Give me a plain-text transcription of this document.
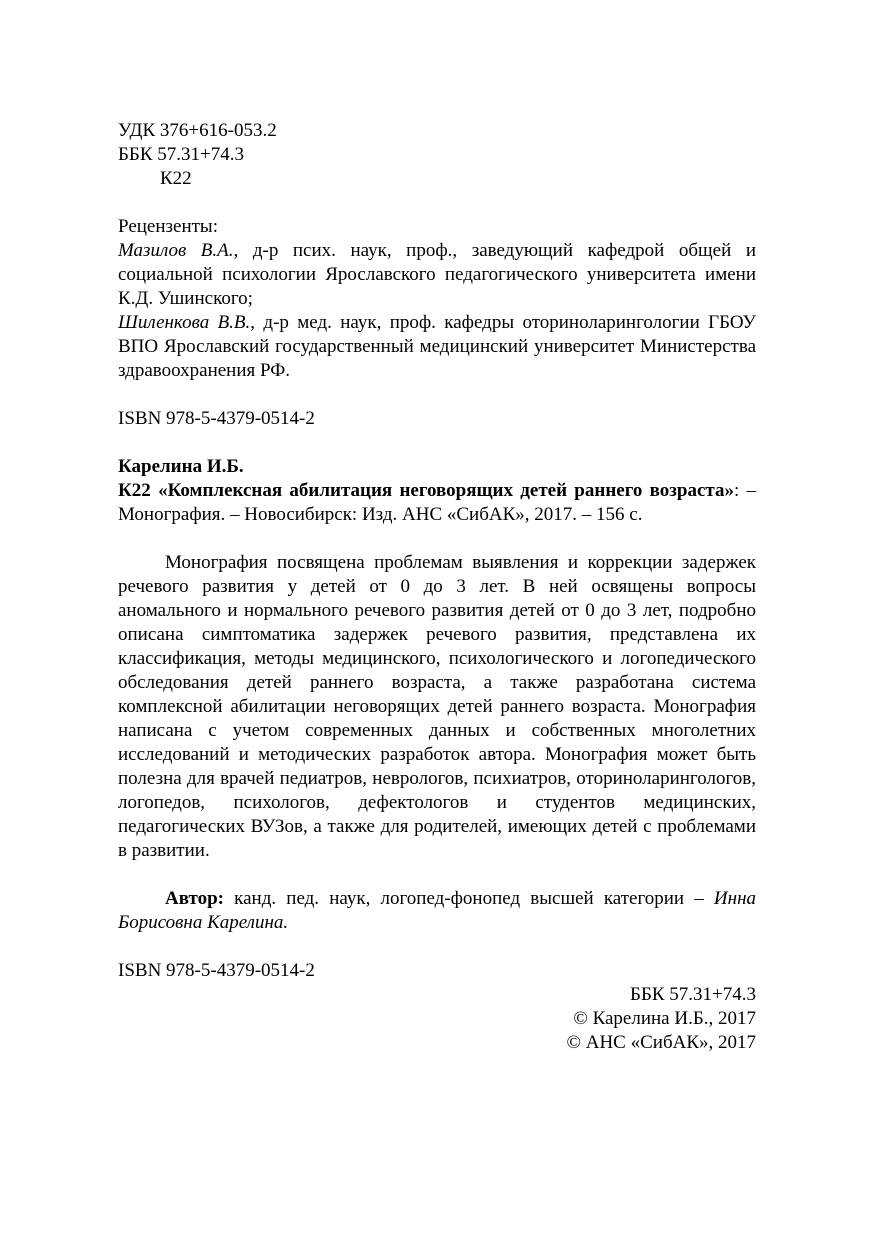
УДК 376+616-053.2
ББК 57.31+74.3
К22
Рецензенты:
Мазилов В.А., д-р псих. наук, проф., заведующий кафедрой общей и социальной психологии Ярославского педагогического университета имени К.Д. Ушинского;
Шиленкова В.В., д-р мед. наук, проф. кафедры оториноларингологии ГБОУ ВПО Ярославский государственный медицинский университет Министерства здравоохранения РФ.
ISBN 978-5-4379-0514-2
Карелина И.Б.
К22 «Комплексная абилитация неговорящих детей раннего возраста»: – Монография. – Новосибирск: Изд. АНС «СибАК», 2017. – 156 с.
Монография посвящена проблемам выявления и коррекции задержек речевого развития у детей от 0 до 3 лет. В ней освящены вопросы аномального и нормального речевого развития детей от 0 до 3 лет, подробно описана симптоматика задержек речевого развития, представлена их классификация, методы медицинского, психологического и логопедического обследования детей раннего возраста, а также разработана система комплексной абилитации неговорящих детей раннего возраста. Монография написана с учетом современных данных и собственных многолетних исследований и методических разработок автора. Монография может быть полезна для врачей педиатров, неврологов, психиатров, оториноларингологов, логопедов, психологов, дефектологов и студентов медицинских, педагогических ВУЗов, а также для родителей, имеющих детей с проблемами в развитии.
Автор: канд. пед. наук, логопед-фонопед высшей категории – Инна Борисовна Карелина.
ISBN 978-5-4379-0514-2
ББК 57.31+74.3
© Карелина И.Б., 2017
© АНС «СибАК», 2017
